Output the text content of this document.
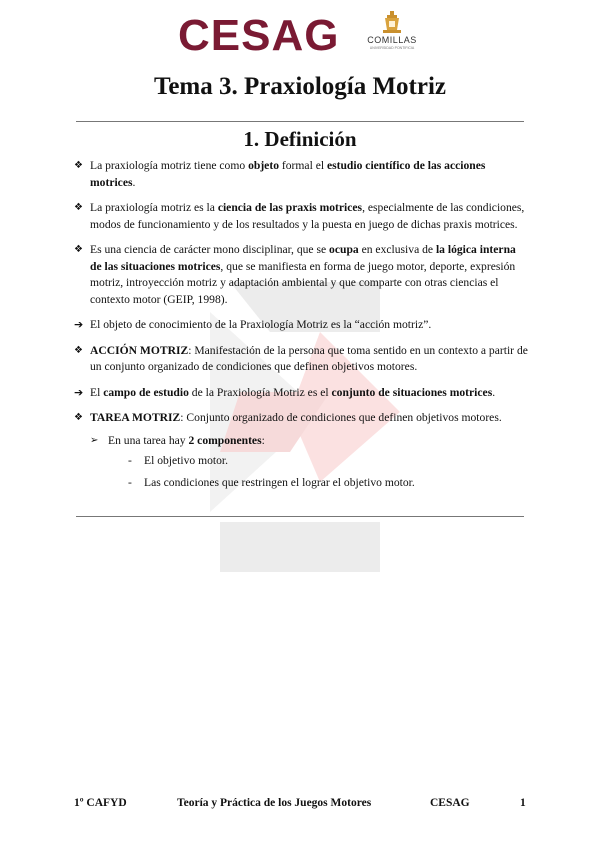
CESAG	COMILLAS
UNIVERSIDAD PONTIFICIA
Tema 3. Praxiología Motriz
1. Definición
❖ La praxiología motriz tiene como objeto formal el estudio científico de las acciones motrices.
❖ La praxiología motriz es la ciencia de las praxis motrices, especialmente de las condiciones, modos de funcionamiento y de los resultados y la puesta en juego de dichas praxis motrices.
❖ Es una ciencia de carácter mono disciplinar, que se ocupa en exclusiva de la lógica interna de las situaciones motrices, que se manifiesta en forma de juego motor, deporte, expresión motriz, introyección motriz y adaptación ambiental y que comparte con otras ciencias el contexto motor (GEIP, 1998).
➔ El objeto de conocimiento de la Praxiología Motriz es la “acción motriz”.
❖ ACCIÓN MOTRIZ: Manifestación de la persona que toma sentido en un contexto a partir de un conjunto organizado de condiciones que definen objetivos motores.
➔ El campo de estudio de la Praxiología Motriz es el conjunto de situaciones motrices.
❖ TAREA MOTRIZ: Conjunto organizado de condiciones que definen objetivos motores.
➢ En una tarea hay 2 componentes:
- El objetivo motor.
- Las condiciones que restringen el lograr el objetivo motor.
1º CAFYD	Teoría y Práctica de los Juegos Motores	CESAG	1
